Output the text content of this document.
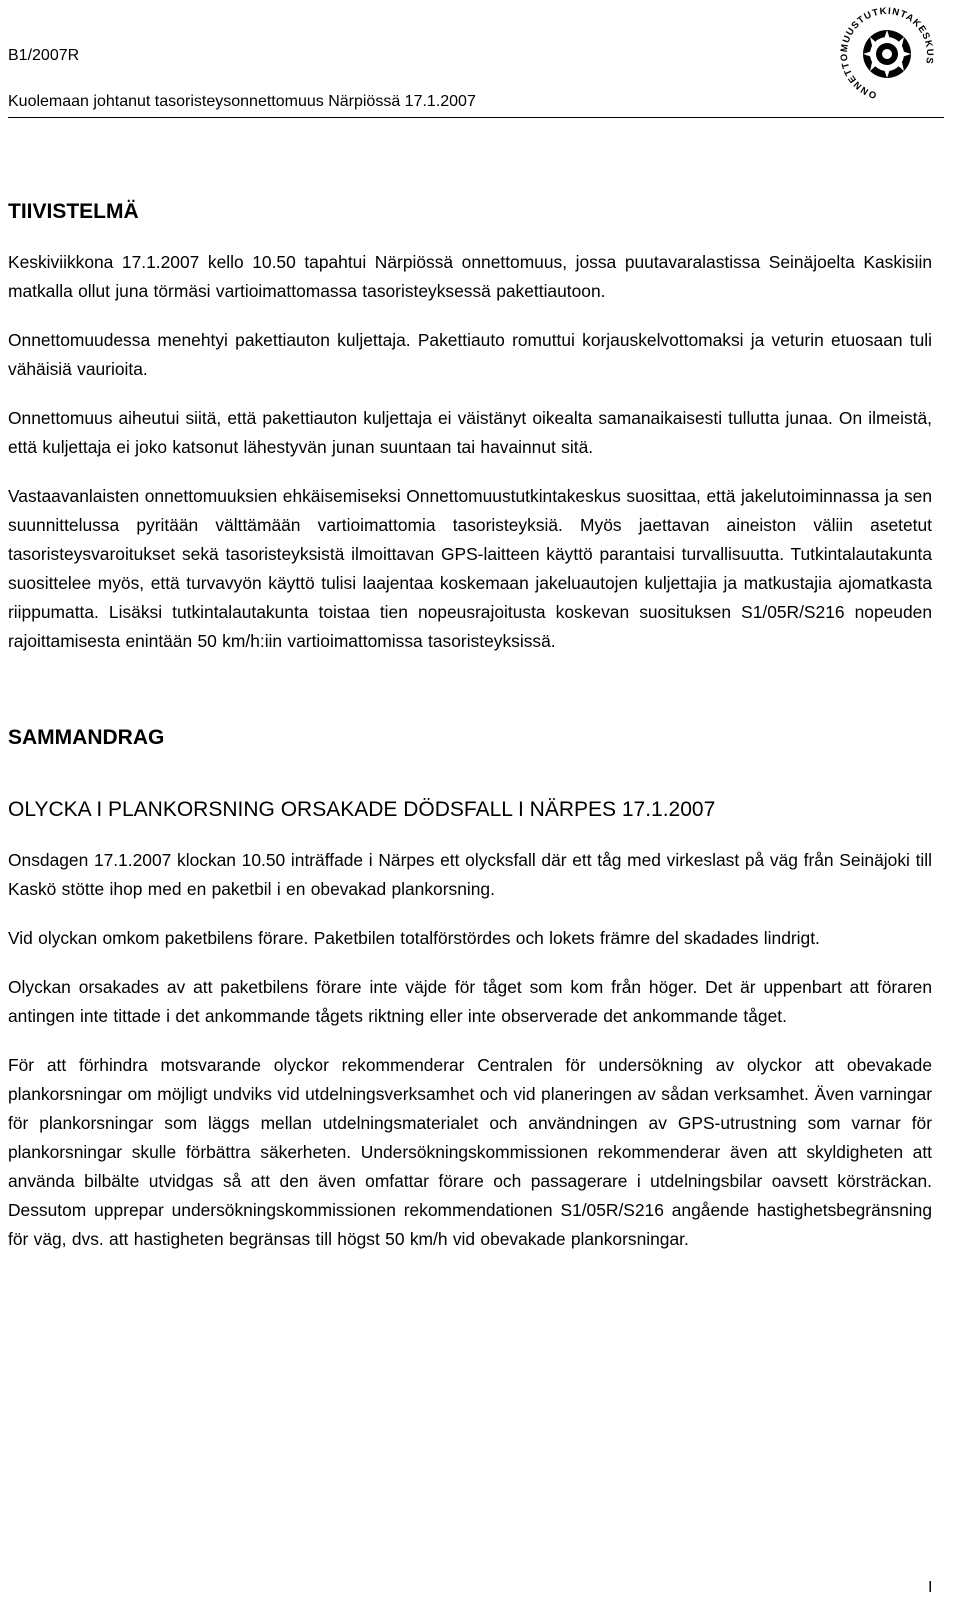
B1/2007R
Kuolemaan johtanut tasoristeysonnettomuus Närpiössä 17.1.2007	ONNETTOMUUSTUTKINTAKESKUS
TIIVISTELMÄ

Keskiviikkona 17.1.2007 kello 10.50 tapahtui Närpiössä onnettomuus, jossa puutavaralastissa Seinäjoelta Kaskisiin matkalla ollut juna törmäsi vartioimattomassa tasoristeyksessä pakettiautoon.

Onnettomuudessa menehtyi pakettiauton kuljettaja. Pakettiauto romuttui korjauskelvottomaksi ja veturin etuosaan tuli vähäisiä vaurioita.

Onnettomuus aiheutui siitä, että pakettiauton kuljettaja ei väistänyt oikealta samanaikaisesti tullutta junaa. On ilmeistä, että kuljettaja ei joko katsonut lähestyvän junan suuntaan tai havainnut sitä.

Vastaavanlaisten onnettomuuksien ehkäisemiseksi Onnettomuustutkintakeskus suosittaa, että jakelutoiminnassa ja sen suunnittelussa pyritään välttämään vartioimattomia tasoristeyksiä. Myös jaettavan aineiston väliin asetetut tasoristeysvaroitukset sekä tasoristeyksistä ilmoittavan GPS-laitteen käyttö parantaisi turvallisuutta. Tutkintalautakunta suosittelee myös, että turvavyön käyttö tulisi laajentaa koskemaan jakeluautojen kuljettajia ja matkustajia ajomatkasta riippumatta. Lisäksi tutkintalautakunta toistaa tien nopeusrajoitusta koskevan suosituksen S1/05R/S216 nopeuden rajoittamisesta enintään 50 km/h:iin vartioimattomissa tasoristeyksissä.

SAMMANDRAG
OLYCKA I PLANKORSNING ORSAKADE DÖDSFALL I NÄRPES 17.1.2007

Onsdagen 17.1.2007 klockan 10.50 inträffade i Närpes ett olycksfall där ett tåg med virkeslast på väg från Seinäjoki till Kaskö stötte ihop med en paketbil i en obevakad plankorsning.

Vid olyckan omkom paketbilens förare. Paketbilen totalförstördes och lokets främre del skadades lindrigt.

Olyckan orsakades av att paketbilens förare inte väjde för tåget som kom från höger. Det är uppenbart att föraren antingen inte tittade i det ankommande tågets riktning eller inte observerade det ankommande tåget.

För att förhindra motsvarande olyckor rekommenderar Centralen för undersökning av olyckor att obevakade plankorsningar om möjligt undviks vid utdelningsverksamhet och vid planeringen av sådan verksamhet. Även varningar för plankorsningar som läggs mellan utdelningsmaterialet och användningen av GPS-utrustning som varnar för plankorsningar skulle förbättra säkerheten. Undersökningskommissionen rekommenderar även att skyldigheten att använda bilbälte utvidgas så att den även omfattar förare och passagerare i utdelningsbilar oavsett körsträckan. Dessutom upprepar undersökningskommissionen rekommendationen S1/05R/S216 angående hastighetsbegränsning för väg, dvs. att hastigheten begränsas till högst 50 km/h vid obevakade plankorsningar.

I
